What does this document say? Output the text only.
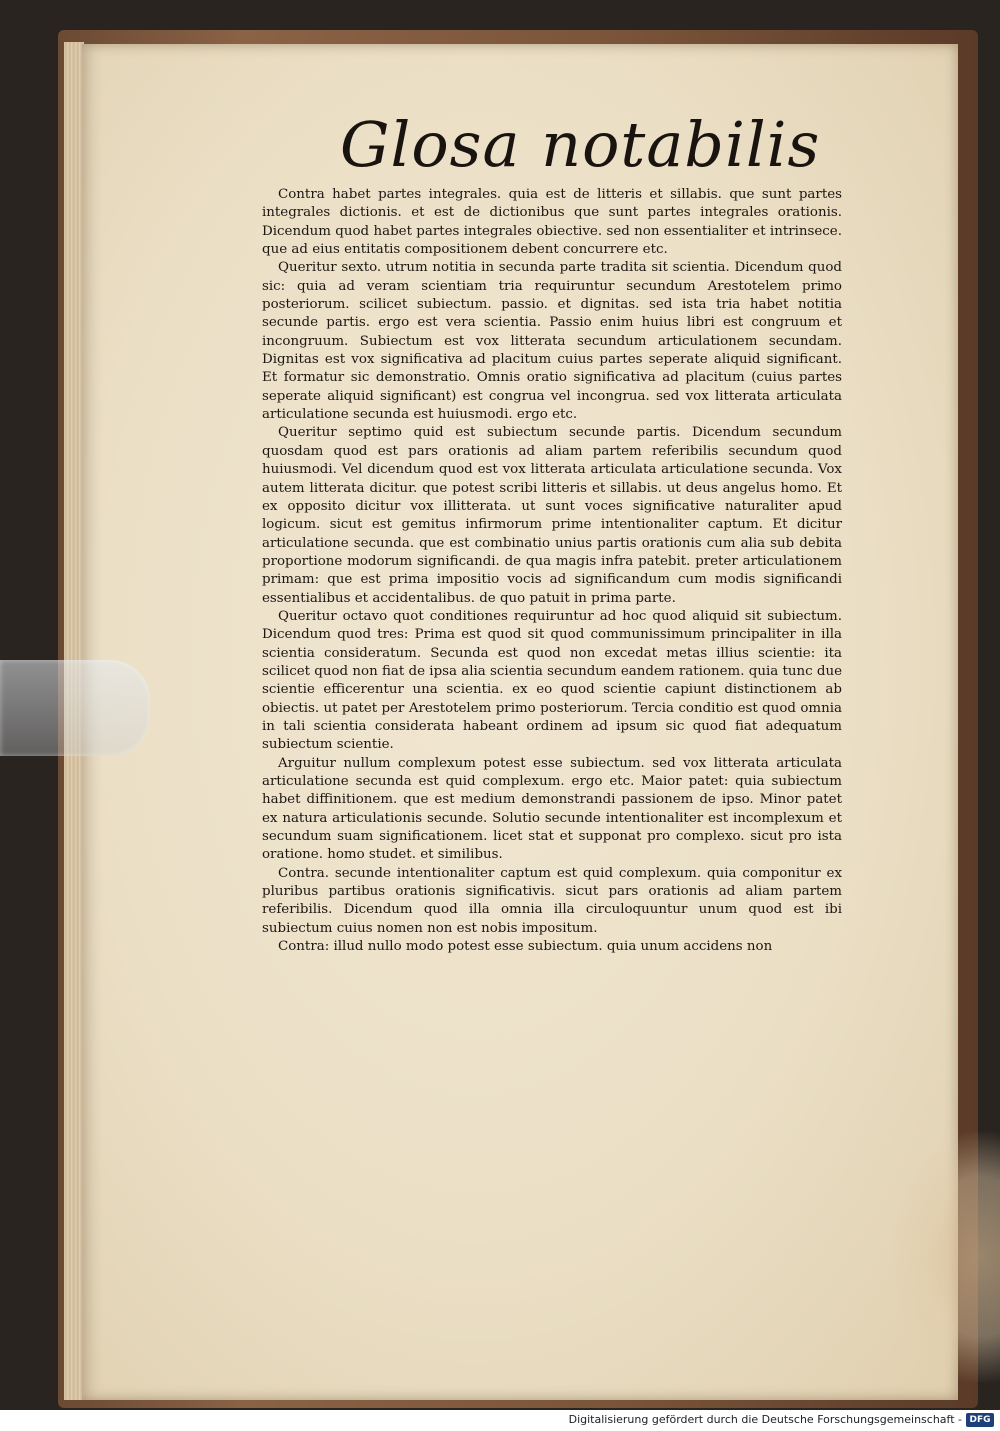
Glosa notabilis

Contra habet partes integrales. quia est de litteris et sillabis. que sunt partes integrales dictionis. et est de dictionibus que sunt partes integrales orationis. Dicendum quod habet partes integrales obiective. sed non essentialiter et intrinsece. que ad eius entitatis compositionem debent concurrere etc.

Queritur sexto. utrum notitia in secunda parte tradita sit scientia. Dicendum quod sic: quia ad veram scientiam tria requiruntur secundum Arestotelem primo posteriorum. scilicet subiectum. passio. et dignitas. sed ista tria habet notitia secunde partis. ergo est vera scientia. Passio enim huius libri est congruum et incongruum. Subiectum est vox litterata secundum articulationem secundam. Dignitas est vox significativa ad placitum cuius partes seperate aliquid significant. Et formatur sic demonstratio. Omnis oratio significativa ad placitum (cuius partes seperate aliquid significant) est congrua vel incongrua. sed vox litterata articulata articulatione secunda est huiusmodi. ergo etc.

Queritur septimo quid est subiectum secunde partis. Dicendum secundum quosdam quod est pars orationis ad aliam partem referibilis secundum quod huiusmodi. Vel dicendum quod est vox litterata articulata articulatione secunda. Vox autem litterata dicitur. que potest scribi litteris et sillabis. ut deus angelus homo. Et ex opposito dicitur vox illitterata. ut sunt voces significative naturaliter apud logicum. sicut est gemitus infirmorum prime intentionaliter captum. Et dicitur articulatione secunda. que est combinatio unius partis orationis cum alia sub debita proportione modorum significandi. de qua magis infra patebit. preter articulationem primam: que est prima impositio vocis ad significandum cum modis significandi essentialibus et accidentalibus. de quo patuit in prima parte.

Queritur octavo quot conditiones requiruntur ad hoc quod aliquid sit subiectum. Dicendum quod tres: Prima est quod sit quod communissimum principaliter in illa scientia consideratum. Secunda est quod non excedat metas illius scientie: ita scilicet quod non fiat de ipsa alia scientia secundum eandem rationem. quia tunc due scientie efficerentur una scientia. ex eo quod scientie capiunt distinctionem ab obiectis. ut patet per Arestotelem primo posteriorum. Tercia conditio est quod omnia in tali scientia considerata habeant ordinem ad ipsum sic quod fiat adequatum subiectum scientie.

Arguitur nullum complexum potest esse subiectum. sed vox litterata articulata articulatione secunda est quid complexum. ergo etc. Maior patet: quia subiectum habet diffinitionem. que est medium demonstrandi passionem de ipso. Minor patet ex natura articulationis secunde. Solutio secunde intentionaliter est incomplexum et secundum suam significationem. licet stat et supponat pro complexo. sicut pro ista oratione. homo studet. et similibus.

Contra. secunde intentionaliter captum est quid complexum. quia componitur ex pluribus partibus orationis significativis. sicut pars orationis ad aliam partem referibilis. Dicendum quod illa omnia illa circuloquuntur unum quod est ibi subiectum cuius nomen non est nobis impositum.

Contra: illud nullo modo potest esse subiectum. quia unum accidens non

Digitalisierung gefördert durch die Deutsche Forschungsgemeinschaft - DFG
